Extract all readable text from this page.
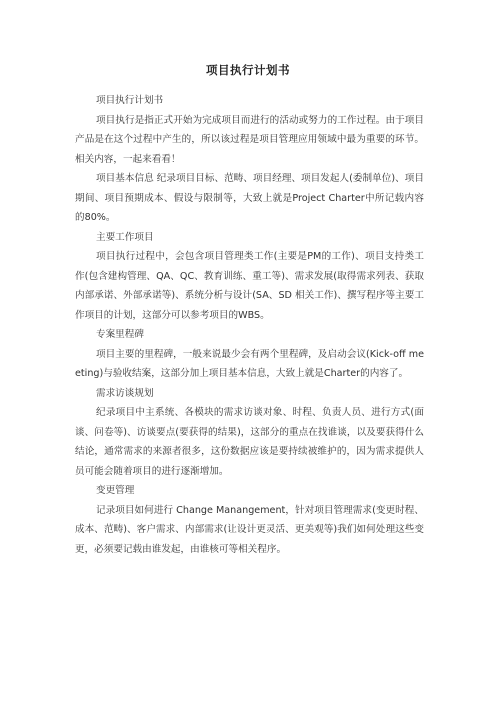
项目执行计划书

项目执行计划书

项目执行是指正式开始为完成项目而进行的活动或努力的工作过程。由于项目产品是在这个过程中产生的，所以该过程是项目管理应用领域中最为重要的环节。相关内容，一起来看看！

项目基本信息 纪录项目目标、范畴、项目经理、项目发起人(委制单位)、项目期间、项目预期成本、假设与限制等，大致上就是Project Charter中所记载内容的80%。

主要工作项目

项目执行过程中，会包含项目管理类工作(主要是PM的工作)、项目支持类工作(包含建构管理、QA、QC、教育训练、重工等)、需求发展(取得需求列表、获取内部承诺、外部承诺等)、系统分析与设计(SA、SD 相关工作)、撰写程序等主要工作项目的计划，这部分可以参考项目的WBS。

专案里程碑

项目主要的里程碑，一般来说最少会有两个里程碑，及启动会议(Kick-off meeting)与验收结案，这部分加上项目基本信息，大致上就是Charter的内容了。

需求访谈规划

纪录项目中主系统、各模块的需求访谈对象、时程、负责人员、进行方式(面谈、问卷等)、访谈要点(要获得的结果)，这部分的重点在找谁谈，以及要获得什么结论，通常需求的来源者很多，这份数据应该是要持续被维护的，因为需求提供人员可能会随着项目的进行逐渐增加。

变更管理

记录项目如何进行 Change Manangement，针对项目管理需求(变更时程、成本、范畴)、客户需求、内部需求(让设计更灵活、更美观等)我们如何处理这些变更，必须要记载由谁发起，由谁核可等相关程序。
